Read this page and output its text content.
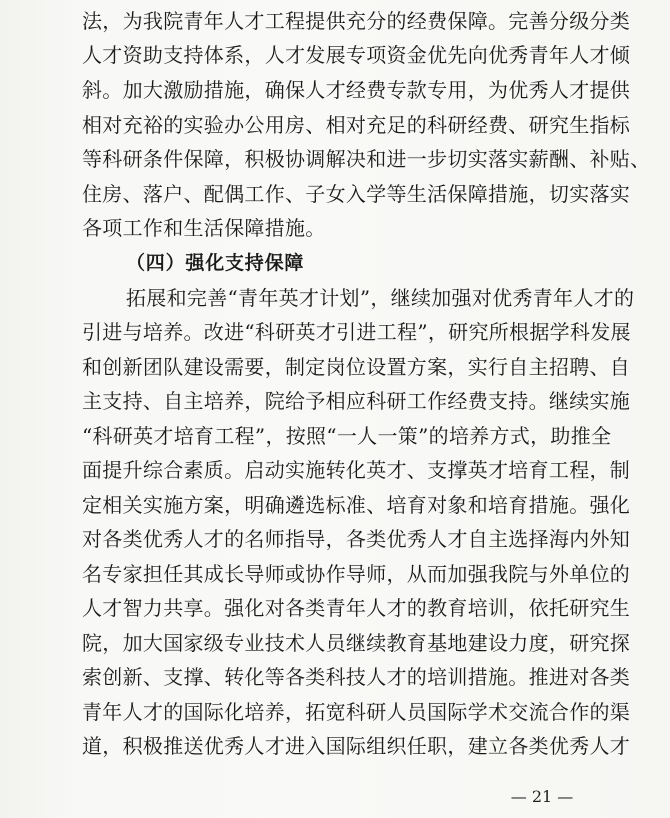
法，为我院青年人才工程提供充分的经费保障。完善分级分类
人才资助支持体系，人才发展专项资金优先向优秀青年人才倾
斜。加大激励措施，确保人才经费专款专用，为优秀人才提供
相对充裕的实验办公用房、相对充足的科研经费、研究生指标
等科研条件保障，积极协调解决和进一步切实落实薪酬、补贴、
住房、落户、配偶工作、子女入学等生活保障措施，切实落实
各项工作和生活保障措施。
（四）强化支持保障
拓展和完善“青年英才计划”，继续加强对优秀青年人才的
引进与培养。改进“科研英才引进工程”，研究所根据学科发展
和创新团队建设需要，制定岗位设置方案，实行自主招聘、自
主支持、自主培养，院给予相应科研工作经费支持。继续实施
“科研英才培育工程”，按照“一人一策”的培养方式，助推全
面提升综合素质。启动实施转化英才、支撑英才培育工程，制
定相关实施方案，明确遴选标准、培育对象和培育措施。强化
对各类优秀人才的名师指导，各类优秀人才自主选择海内外知
名专家担任其成长导师或协作导师，从而加强我院与外单位的
人才智力共享。强化对各类青年人才的教育培训，依托研究生
院，加大国家级专业技术人员继续教育基地建设力度，研究探
索创新、支撑、转化等各类科技人才的培训措施。推进对各类
青年人才的国际化培养，拓宽科研人员国际学术交流合作的渠
道，积极推送优秀人才进入国际组织任职，建立各类优秀人才
— 21 —
